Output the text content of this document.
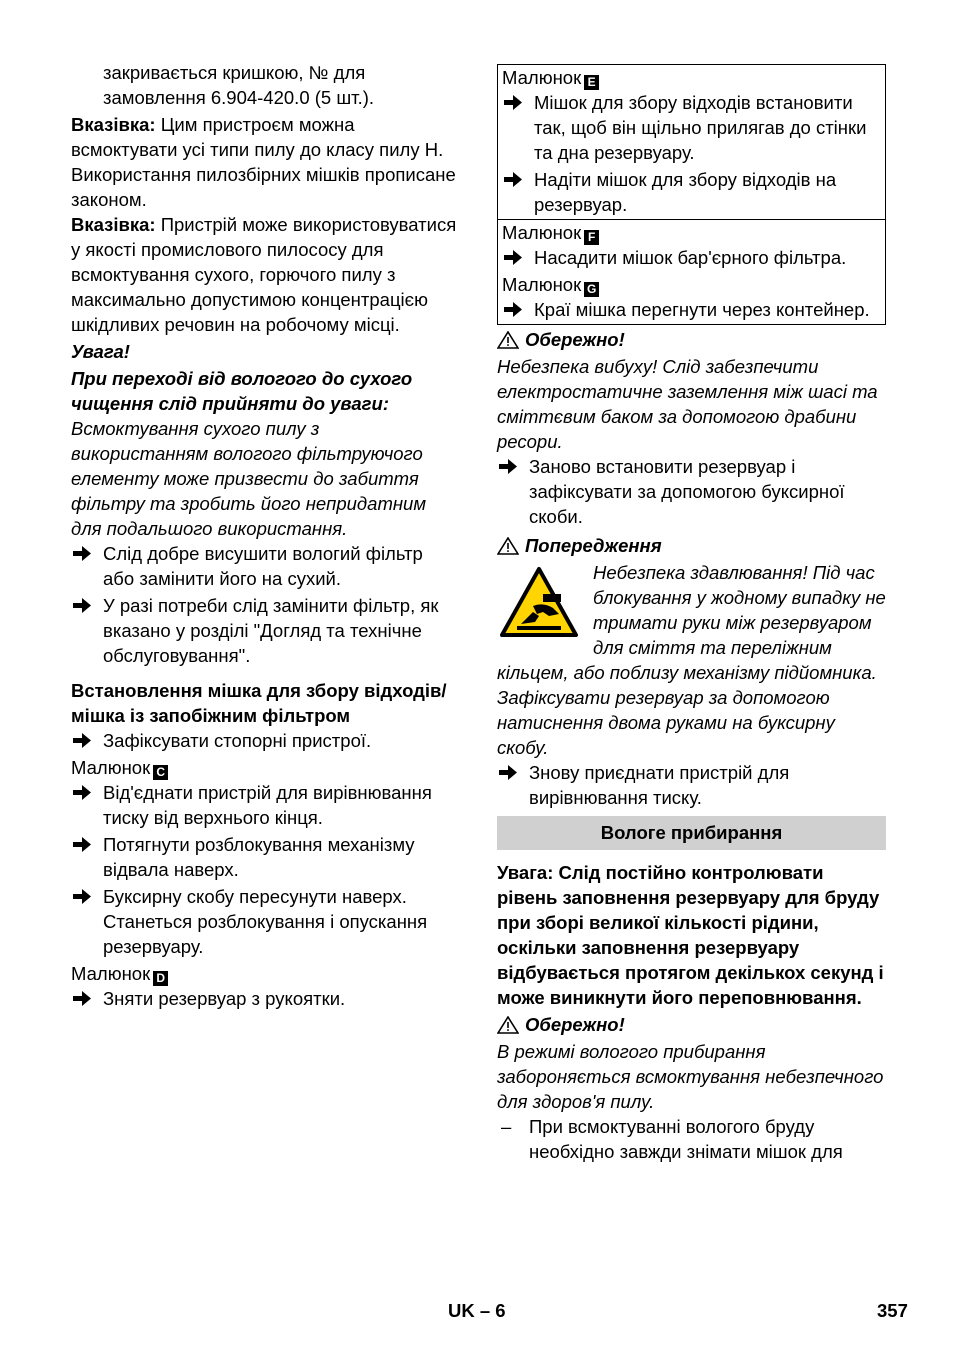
закривається кришкою, № для замовлення 6.904-420.0 (5 шт.).

Вказівка: Цим пристроєм можна всмоктувати усі типи пилу до класу пилу Н. Використання пилозбірних мішків прописане законом.

Вказівка: Пристрій може використовуватися у якості промислового пилососу для всмоктування сухого, горючого пилу з максимально допустимою концентрацією шкідливих речовин на робочому місці.

Увага!

При переході від вологого до сухого чищення слід прийняти до уваги:

Всмоктування сухого пилу з використанням вологого фільтруючого елементу може призвести до забиття фільтру та зробить його непридатним для подальшого використання.

Слід добре висушити вологий фільтр або замінити його на сухий.
У разі потреби слід замінити фільтр, як вказано у розділі "Догляд та технічне обслуговування".

Встановлення мішка для збору відходів/мішка із запобіжним фільтром

Зафіксувати стопорні пристрої.

Малюнок C

Від'єднати пристрій для вирівнювання тиску від верхнього кінця.
Потягнути розблокування механізму відвала наверх.
Буксирну скобу пересунути наверх. Станеться розблокування і опускання резервуару.

Малюнок D

Зняти резервуар з рукоятки.

Малюнок E

Мішок для збору відходів встановити так, щоб він щільно прилягав до стінки та дна резервуару.
Надіти мішок для збору відходів на резервуар.

Малюнок F

Насадити мішок бар'єрного фільтра.

Малюнок G

Краї мішка перегнути через контейнер.

Обережно!

Небезпека вибуху! Слід забезпечити електростатичне заземлення між шасі та сміттєвим баком за допомогою драбини ресори.

Заново встановити резервуар і зафіксувати за допомогою буксирної скоби.

Попередження

Небезпека здавлювання! Під час блокування у жодному випадку не тримати руки між резервуаром для сміття та переліжним кільцем, або поблизу механізму підйомника. Зафіксувати резервуар за допомогою натиснення двома руками на буксирну скобу.

Знову приєднати пристрій для вирівнювання тиску.
Вологе прибирання

Увага: Слід постійно контролювати рівень заповнення резервуару для бруду при зборі великої кількості рідини, оскільки заповнення резервуару відбувається протягом декількох секунд і може виникнути його переповнювання.

Обережно!

В режимі вологого прибирання забороняється всмоктування небезпечного для здоров'я пилу.

– При всмоктуванні вологого бруду необхідно завжди знімати мішок для
UK – 6	357
